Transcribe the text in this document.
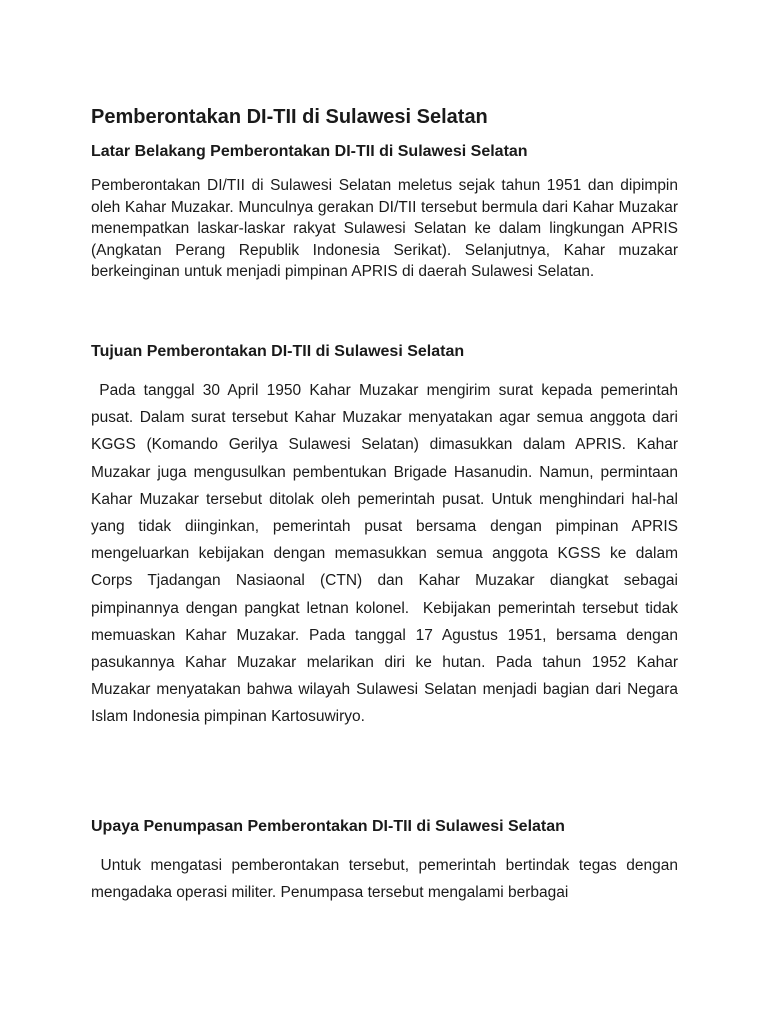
Pemberontakan DI-TII di Sulawesi Selatan
Latar Belakang Pemberontakan DI-TII di Sulawesi Selatan

Pemberontakan DI/TII di Sulawesi Selatan meletus sejak tahun 1951 dan dipimpin oleh Kahar Muzakar. Munculnya gerakan DI/TII tersebut bermula dari Kahar Muzakar menempatkan laskar-laskar rakyat Sulawesi Selatan ke dalam lingkungan APRIS (Angkatan Perang Republik Indonesia Serikat). Selanjutnya, Kahar muzakar berkeinginan untuk menjadi pimpinan APRIS di daerah Sulawesi Selatan.

Tujuan Pemberontakan DI-TII di Sulawesi Selatan

Pada tanggal 30 April 1950 Kahar Muzakar mengirim surat kepada pemerintah pusat. Dalam surat tersebut Kahar Muzakar menyatakan agar semua anggota dari KGGS (Komando Gerilya Sulawesi Selatan) dimasukkan dalam APRIS. Kahar Muzakar juga mengusulkan pembentukan Brigade Hasanudin. Namun, permintaan Kahar Muzakar tersebut ditolak oleh pemerintah pusat. Untuk menghindari hal-hal yang tidak diinginkan, pemerintah pusat bersama dengan pimpinan APRIS mengeluarkan kebijakan dengan memasukkan semua anggota KGSS ke dalam Corps Tjadangan Nasiaonal (CTN) dan Kahar Muzakar diangkat sebagai pimpinannya dengan pangkat letnan kolonel.  Kebijakan pemerintah tersebut tidak memuaskan Kahar Muzakar. Pada tanggal 17 Agustus 1951, bersama dengan pasukannya Kahar Muzakar melarikan diri ke hutan. Pada tahun 1952 Kahar Muzakar menyatakan bahwa wilayah Sulawesi Selatan menjadi bagian dari Negara Islam Indonesia pimpinan Kartosuwiryo.

Upaya Penumpasan Pemberontakan DI-TII di Sulawesi Selatan

Untuk mengatasi pemberontakan tersebut, pemerintah bertindak tegas dengan mengadaka operasi militer. Penumpasa tersebut mengalami berbagai
